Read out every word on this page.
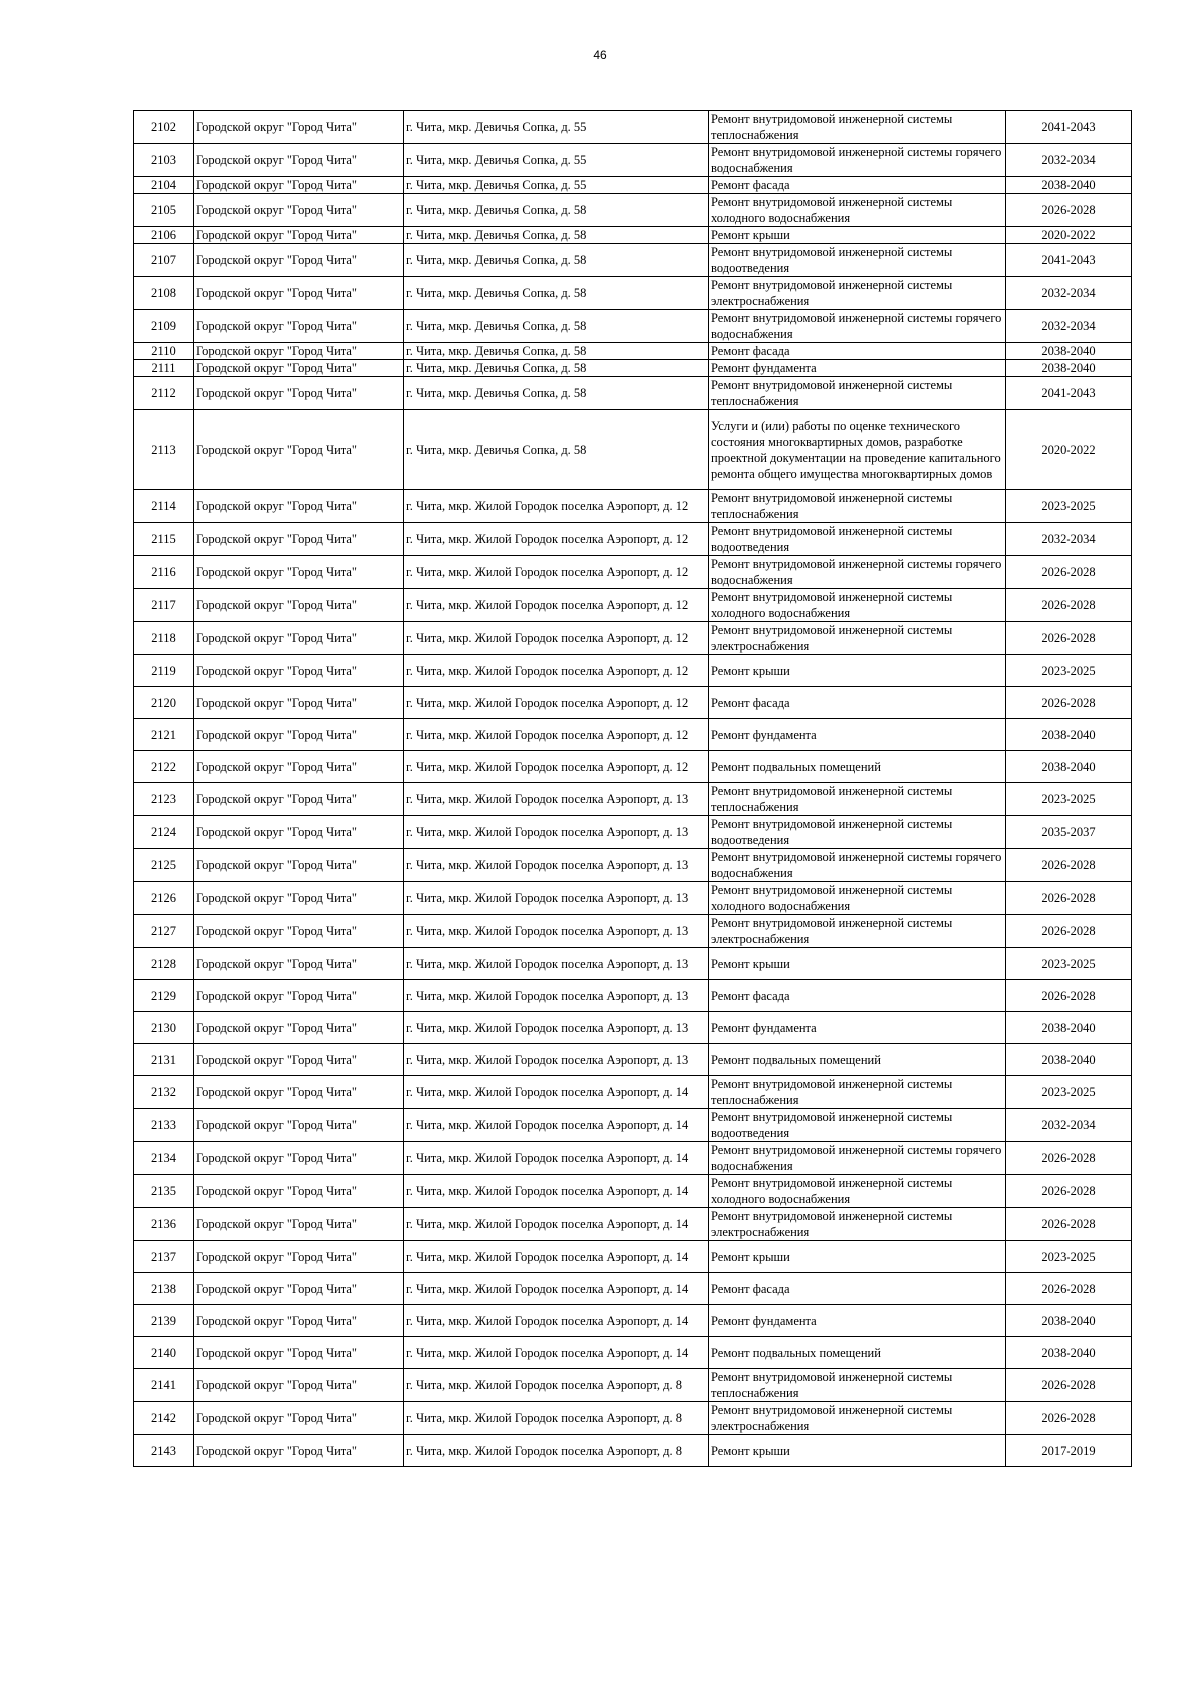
46
2102	Городской округ "Город Чита"	г. Чита, мкр. Девичья Сопка, д. 55	Ремонт внутридомовой инженерной системы теплоснабжения	2041-2043
2103	Городской округ "Город Чита"	г. Чита, мкр. Девичья Сопка, д. 55	Ремонт внутридомовой инженерной системы горячего водоснабжения	2032-2034
2104	Городской округ "Город Чита"	г. Чита, мкр. Девичья Сопка, д. 55	Ремонт фасада	2038-2040
2105	Городской округ "Город Чита"	г. Чита, мкр. Девичья Сопка, д. 58	Ремонт внутридомовой инженерной системы холодного водоснабжения	2026-2028
2106	Городской округ "Город Чита"	г. Чита, мкр. Девичья Сопка, д. 58	Ремонт крыши	2020-2022
2107	Городской округ "Город Чита"	г. Чита, мкр. Девичья Сопка, д. 58	Ремонт внутридомовой инженерной системы водоотведения	2041-2043
2108	Городской округ "Город Чита"	г. Чита, мкр. Девичья Сопка, д. 58	Ремонт внутридомовой инженерной системы электроснабжения	2032-2034
2109	Городской округ "Город Чита"	г. Чита, мкр. Девичья Сопка, д. 58	Ремонт внутридомовой инженерной системы горячего водоснабжения	2032-2034
2110	Городской округ "Город Чита"	г. Чита, мкр. Девичья Сопка, д. 58	Ремонт фасада	2038-2040
2111	Городской округ "Город Чита"	г. Чита, мкр. Девичья Сопка, д. 58	Ремонт фундамента	2038-2040
2112	Городской округ "Город Чита"	г. Чита, мкр. Девичья Сопка, д. 58	Ремонт внутридомовой инженерной системы теплоснабжения	2041-2043
2113	Городской округ "Город Чита"	г. Чита, мкр. Девичья Сопка, д. 58	Услуги и (или) работы по оценке технического состояния многоквартирных домов, разработке проектной документации на проведение капитального ремонта общего имущества многоквартирных домов	2020-2022
2114	Городской округ "Город Чита"	г. Чита, мкр. Жилой Городок поселка Аэропорт, д. 12	Ремонт внутридомовой инженерной системы теплоснабжения	2023-2025
2115	Городской округ "Город Чита"	г. Чита, мкр. Жилой Городок поселка Аэропорт, д. 12	Ремонт внутридомовой инженерной системы водоотведения	2032-2034
2116	Городской округ "Город Чита"	г. Чита, мкр. Жилой Городок поселка Аэропорт, д. 12	Ремонт внутридомовой инженерной системы горячего водоснабжения	2026-2028
2117	Городской округ "Город Чита"	г. Чита, мкр. Жилой Городок поселка Аэропорт, д. 12	Ремонт внутридомовой инженерной системы холодного водоснабжения	2026-2028
2118	Городской округ "Город Чита"	г. Чита, мкр. Жилой Городок поселка Аэропорт, д. 12	Ремонт внутридомовой инженерной системы электроснабжения	2026-2028
2119	Городской округ "Город Чита"	г. Чита, мкр. Жилой Городок поселка Аэропорт, д. 12	Ремонт крыши	2023-2025
2120	Городской округ "Город Чита"	г. Чита, мкр. Жилой Городок поселка Аэропорт, д. 12	Ремонт фасада	2026-2028
2121	Городской округ "Город Чита"	г. Чита, мкр. Жилой Городок поселка Аэропорт, д. 12	Ремонт фундамента	2038-2040
2122	Городской округ "Город Чита"	г. Чита, мкр. Жилой Городок поселка Аэропорт, д. 12	Ремонт подвальных помещений	2038-2040
2123	Городской округ "Город Чита"	г. Чита, мкр. Жилой Городок поселка Аэропорт, д. 13	Ремонт внутридомовой инженерной системы теплоснабжения	2023-2025
2124	Городской округ "Город Чита"	г. Чита, мкр. Жилой Городок поселка Аэропорт, д. 13	Ремонт внутридомовой инженерной системы водоотведения	2035-2037
2125	Городской округ "Город Чита"	г. Чита, мкр. Жилой Городок поселка Аэропорт, д. 13	Ремонт внутридомовой инженерной системы горячего водоснабжения	2026-2028
2126	Городской округ "Город Чита"	г. Чита, мкр. Жилой Городок поселка Аэропорт, д. 13	Ремонт внутридомовой инженерной системы холодного водоснабжения	2026-2028
2127	Городской округ "Город Чита"	г. Чита, мкр. Жилой Городок поселка Аэропорт, д. 13	Ремонт внутридомовой инженерной системы электроснабжения	2026-2028
2128	Городской округ "Город Чита"	г. Чита, мкр. Жилой Городок поселка Аэропорт, д. 13	Ремонт крыши	2023-2025
2129	Городской округ "Город Чита"	г. Чита, мкр. Жилой Городок поселка Аэропорт, д. 13	Ремонт фасада	2026-2028
2130	Городской округ "Город Чита"	г. Чита, мкр. Жилой Городок поселка Аэропорт, д. 13	Ремонт фундамента	2038-2040
2131	Городской округ "Город Чита"	г. Чита, мкр. Жилой Городок поселка Аэропорт, д. 13	Ремонт подвальных помещений	2038-2040
2132	Городской округ "Город Чита"	г. Чита, мкр. Жилой Городок поселка Аэропорт, д. 14	Ремонт внутридомовой инженерной системы теплоснабжения	2023-2025
2133	Городской округ "Город Чита"	г. Чита, мкр. Жилой Городок поселка Аэропорт, д. 14	Ремонт внутридомовой инженерной системы водоотведения	2032-2034
2134	Городской округ "Город Чита"	г. Чита, мкр. Жилой Городок поселка Аэропорт, д. 14	Ремонт внутридомовой инженерной системы горячего водоснабжения	2026-2028
2135	Городской округ "Город Чита"	г. Чита, мкр. Жилой Городок поселка Аэропорт, д. 14	Ремонт внутридомовой инженерной системы холодного водоснабжения	2026-2028
2136	Городской округ "Город Чита"	г. Чита, мкр. Жилой Городок поселка Аэропорт, д. 14	Ремонт внутридомовой инженерной системы электроснабжения	2026-2028
2137	Городской округ "Город Чита"	г. Чита, мкр. Жилой Городок поселка Аэропорт, д. 14	Ремонт крыши	2023-2025
2138	Городской округ "Город Чита"	г. Чита, мкр. Жилой Городок поселка Аэропорт, д. 14	Ремонт фасада	2026-2028
2139	Городской округ "Город Чита"	г. Чита, мкр. Жилой Городок поселка Аэропорт, д. 14	Ремонт фундамента	2038-2040
2140	Городской округ "Город Чита"	г. Чита, мкр. Жилой Городок поселка Аэропорт, д. 14	Ремонт подвальных помещений	2038-2040
2141	Городской округ "Город Чита"	г. Чита, мкр. Жилой Городок поселка Аэропорт, д. 8	Ремонт внутридомовой инженерной системы теплоснабжения	2026-2028
2142	Городской округ "Город Чита"	г. Чита, мкр. Жилой Городок поселка Аэропорт, д. 8	Ремонт внутридомовой инженерной системы электроснабжения	2026-2028
2143	Городской округ "Город Чита"	г. Чита, мкр. Жилой Городок поселка Аэропорт, д. 8	Ремонт крыши	2017-2019
